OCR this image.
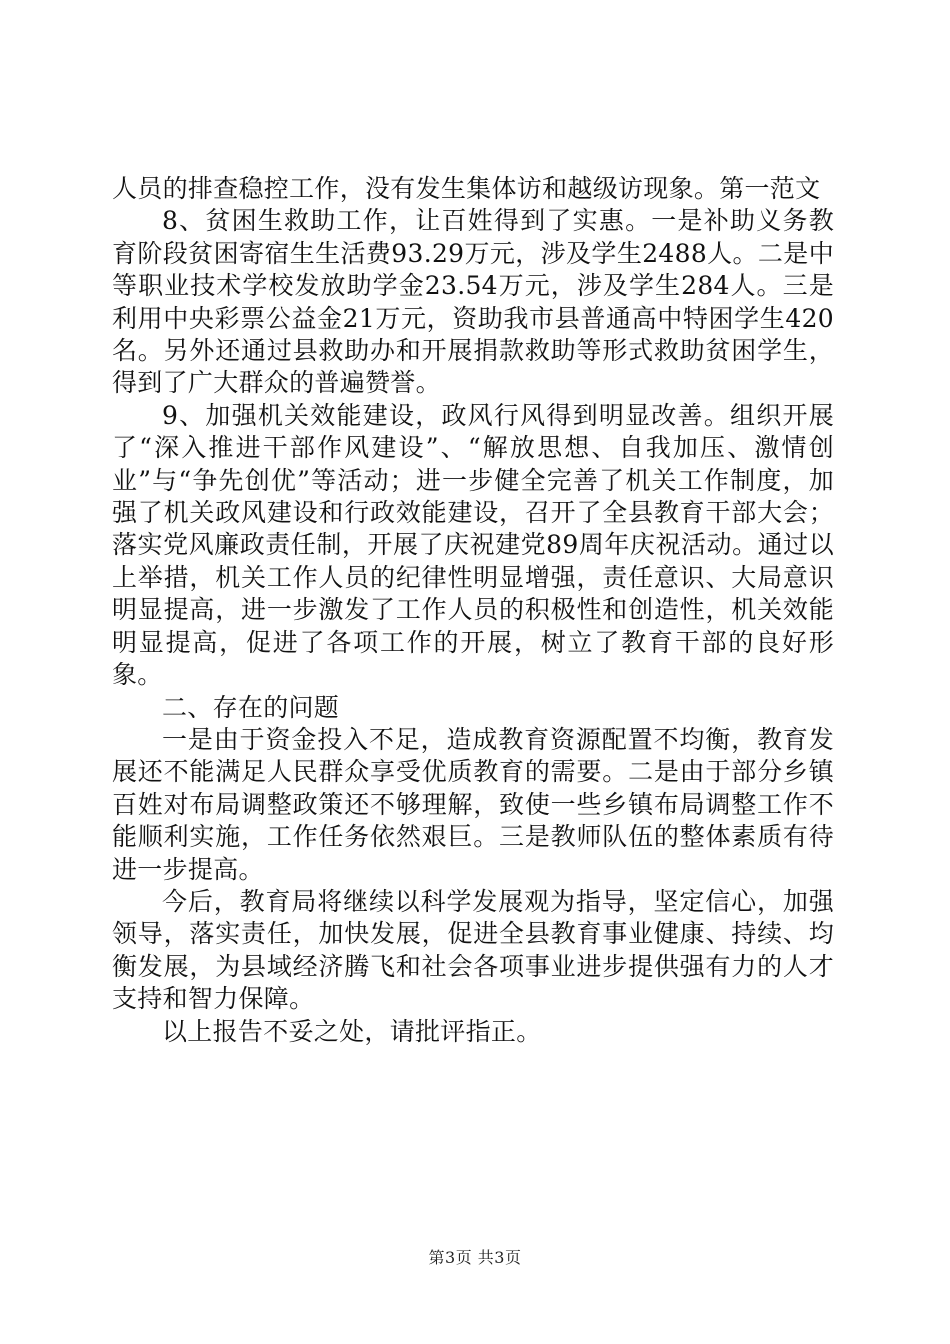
人员的排查稳控工作，没有发生集体访和越级访现象。第一范文

8、贫困生救助工作，让百姓得到了实惠。一是补助义务教育阶段贫困寄宿生生活费93.29万元，涉及学生2488人。二是中等职业技术学校发放助学金23.54万元，涉及学生284人。三是利用中央彩票公益金21万元，资助我市县普通高中特困学生420名。另外还通过县救助办和开展捐款救助等形式救助贫困学生，得到了广大群众的普遍赞誉。

9、加强机关效能建设，政风行风得到明显改善。组织开展了“深入推进干部作风建设”、“解放思想、自我加压、激情创业”与“争先创优”等活动；进一步健全完善了机关工作制度，加强了机关政风建设和行政效能建设，召开了全县教育干部大会；落实党风廉政责任制，开展了庆祝建党89周年庆祝活动。通过以上举措，机关工作人员的纪律性明显增强，责任意识、大局意识明显提高，进一步激发了工作人员的积极性和创造性，机关效能明显提高，促进了各项工作的开展，树立了教育干部的良好形象。

二、存在的问题

一是由于资金投入不足，造成教育资源配置不均衡，教育发展还不能满足人民群众享受优质教育的需要。二是由于部分乡镇百姓对布局调整政策还不够理解，致使一些乡镇布局调整工作不能顺利实施，工作任务依然艰巨。三是教师队伍的整体素质有待进一步提高。

今后，教育局将继续以科学发展观为指导，坚定信心，加强领导，落实责任，加快发展，促进全县教育事业健康、持续、均衡发展，为县域经济腾飞和社会各项事业进步提供强有力的人才支持和智力保障。

以上报告不妥之处，请批评指正。

第3页 共3页
